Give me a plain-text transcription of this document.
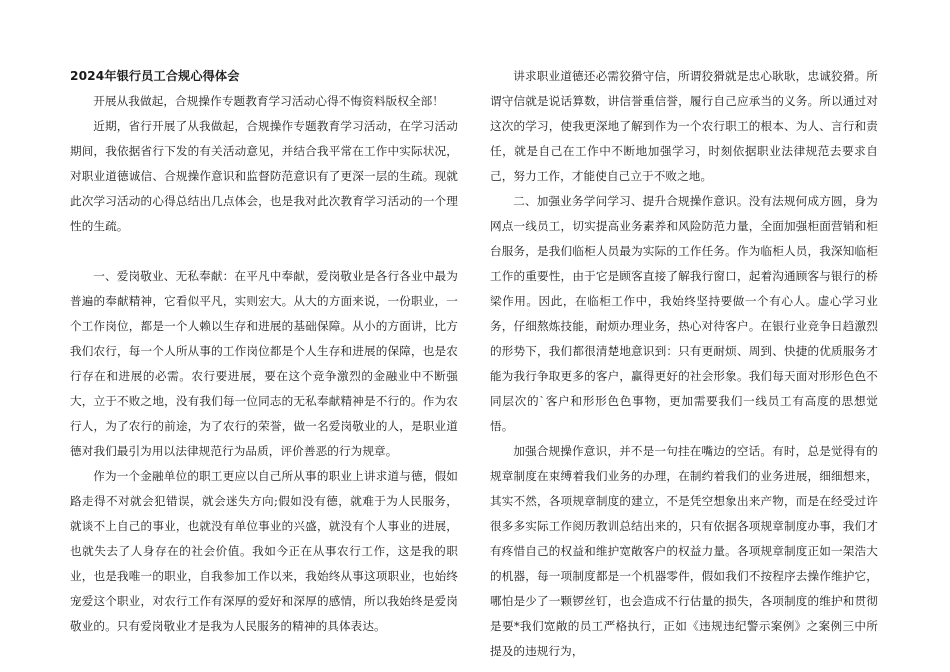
2024年银行员工合规心得体会

开展从我做起，合规操作专题教育学习活动心得不悔资料版权全部！

近期，省行开展了从我做起，合规操作专题教育学习活动，在学习活动期间，我依据省行下发的有关活动意见，并结合我平常在工作中实际状况，对职业道德诚信、合规操作意识和监督防范意识有了更深一层的生疏。现就此次学习活动的心得总结出几点体会，也是我对此次教育学习活动的一个理性的生疏。

一、爱岗敬业、无私奉献：在平凡中奉献，爱岗敬业是各行各业中最为普遍的奉献精神，它看似平凡，实则宏大。从大的方面来说，一份职业，一个工作岗位，都是一个人赖以生存和进展的基础保障。从小的方面讲，比方我们农行，每一个人所从事的工作岗位都是个人生存和进展的保障，也是农行存在和进展的必需。农行要进展，要在这个竞争激烈的金融业中不断强大，立于不败之地，没有我们每一位同志的无私奉献精神是不行的。作为农行人，为了农行的前途，为了农行的荣誉，做一名爱岗敬业的人，是职业道德对我们最引为用以法律规范行为品质，评价善恶的行为规章。

作为一个金融单位的职工更应以自己所从事的职业上讲求道与德，假如路走得不对就会犯错误，就会迷失方向;假如没有德，就难于为人民服务，就谈不上自己的事业，也就没有单位事业的兴盛，就没有个人事业的进展，也就失去了人身存在的社会价值。我如今正在从事农行工作，这是我的职业，也是我唯一的职业，自我参加工作以来，我始终从事这项职业，也始终宠爱这个职业，对农行工作有深厚的爱好和深厚的感情，所以我始终是爱岗敬业的。只有爱岗敬业才是我为人民服务的精神的具体表达。

讲求职业道德还必需狡猾守信，所谓狡猾就是忠心耿耿，忠诚狡猾。所谓守信就是说话算数，讲信誉重信誉，履行自己应承当的义务。所以通过对这次的学习，使我更深地了解到作为一个农行职工的根本、为人、言行和责任，就是自己在工作中不断地加强学习，时刻依据职业法律规范去要求自己，努力工作，才能使自己立于不败之地。

二、加强业务学问学习、提升合规操作意识。没有法规何成方圆，身为网点一线员工，切实提高业务素养和风险防范力量，全面加强柜面营销和柜台服务，是我们临柜人员最为实际的工作任务。作为临柜人员，我深知临柜工作的重要性，由于它是顾客直接了解我行窗口，起着沟通顾客与银行的桥梁作用。因此，在临柜工作中，我始终坚持要做一个有心人。虚心学习业务，仔细熬炼技能，耐烦办理业务，热心对待客户。在银行业竞争日趋激烈的形势下，我们都很清楚地意识到：只有更耐烦、周到、快捷的优质服务才能为我行争取更多的客户，赢得更好的社会形象。我们每天面对形形色色不同层次的`客户和形形色色事物，更加需要我们一线员工有高度的思想觉悟。

加强合规操作意识，并不是一句挂在嘴边的空话。有时，总是觉得有的规章制度在束缚着我们业务的办理，在制约着我们的业务进展，细细想来，其实不然，各项规章制度的建立，不是凭空想象出来产物，而是在经受过许很多多实际工作阅历教训总结出来的，只有依据各项规章制度办事，我们才有疼惜自己的权益和维护宽敞客户的权益力量。各项规章制度正如一架浩大的机器，每一项制度都是一个机器零件，假如我们不按程序去操作维护它，哪怕是少了一颗锣丝钉，也会造成不行估量的损失，各项制度的维护和贯彻是要*我们宽敞的员工严格执行，正如《违规违纪警示案例》之案例三中所提及的违规行为，
